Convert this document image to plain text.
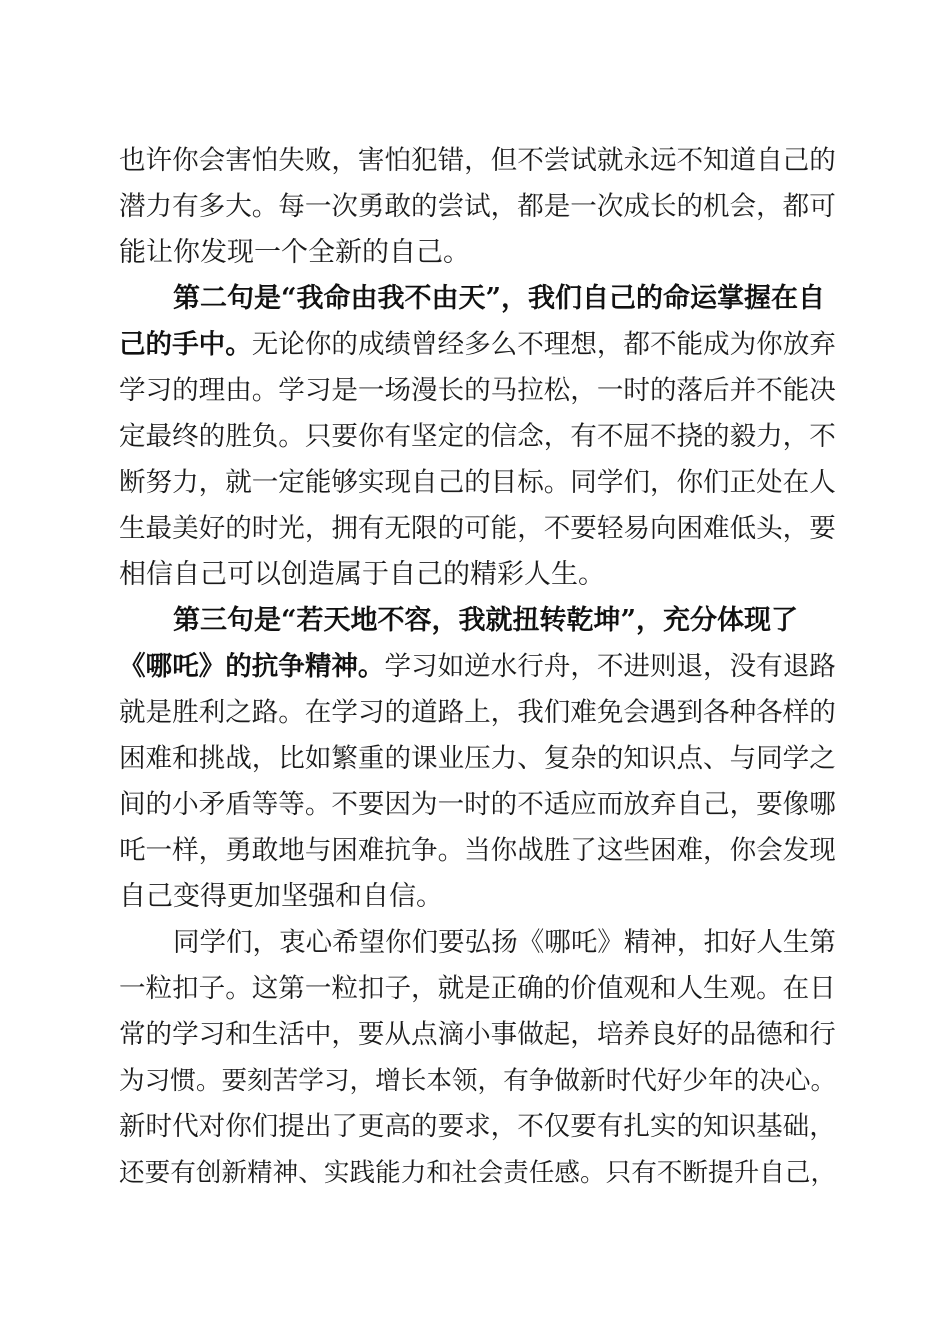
也许你会害怕失败，害怕犯错，但不尝试就永远不知道自己的
潜力有多大。每一次勇敢的尝试，都是一次成长的机会，都可
能让你发现一个全新的自己。
第二句是“我命由我不由天”，我们自己的命运掌握在自
己的手中。无论你的成绩曾经多么不理想，都不能成为你放弃
学习的理由。学习是一场漫长的马拉松，一时的落后并不能决
定最终的胜负。只要你有坚定的信念，有不屈不挠的毅力，不
断努力，就一定能够实现自己的目标。同学们，你们正处在人
生最美好的时光，拥有无限的可能，不要轻易向困难低头，要
相信自己可以创造属于自己的精彩人生。
第三句是“若天地不容，我就扭转乾坤”，充分体现了
《哪吒》的抗争精神。学习如逆水行舟，不进则退，没有退路
就是胜利之路。在学习的道路上，我们难免会遇到各种各样的
困难和挑战，比如繁重的课业压力、复杂的知识点、与同学之
间的小矛盾等等。不要因为一时的不适应而放弃自己，要像哪
吒一样，勇敢地与困难抗争。当你战胜了这些困难，你会发现
自己变得更加坚强和自信。
同学们，衷心希望你们要弘扬《哪吒》精神，扣好人生第
一粒扣子。这第一粒扣子，就是正确的价值观和人生观。在日
常的学习和生活中，要从点滴小事做起，培养良好的品德和行
为习惯。要刻苦学习，增长本领，有争做新时代好少年的决心。
新时代对你们提出了更高的要求，不仅要有扎实的知识基础，
还要有创新精神、实践能力和社会责任感。只有不断提升自己，
